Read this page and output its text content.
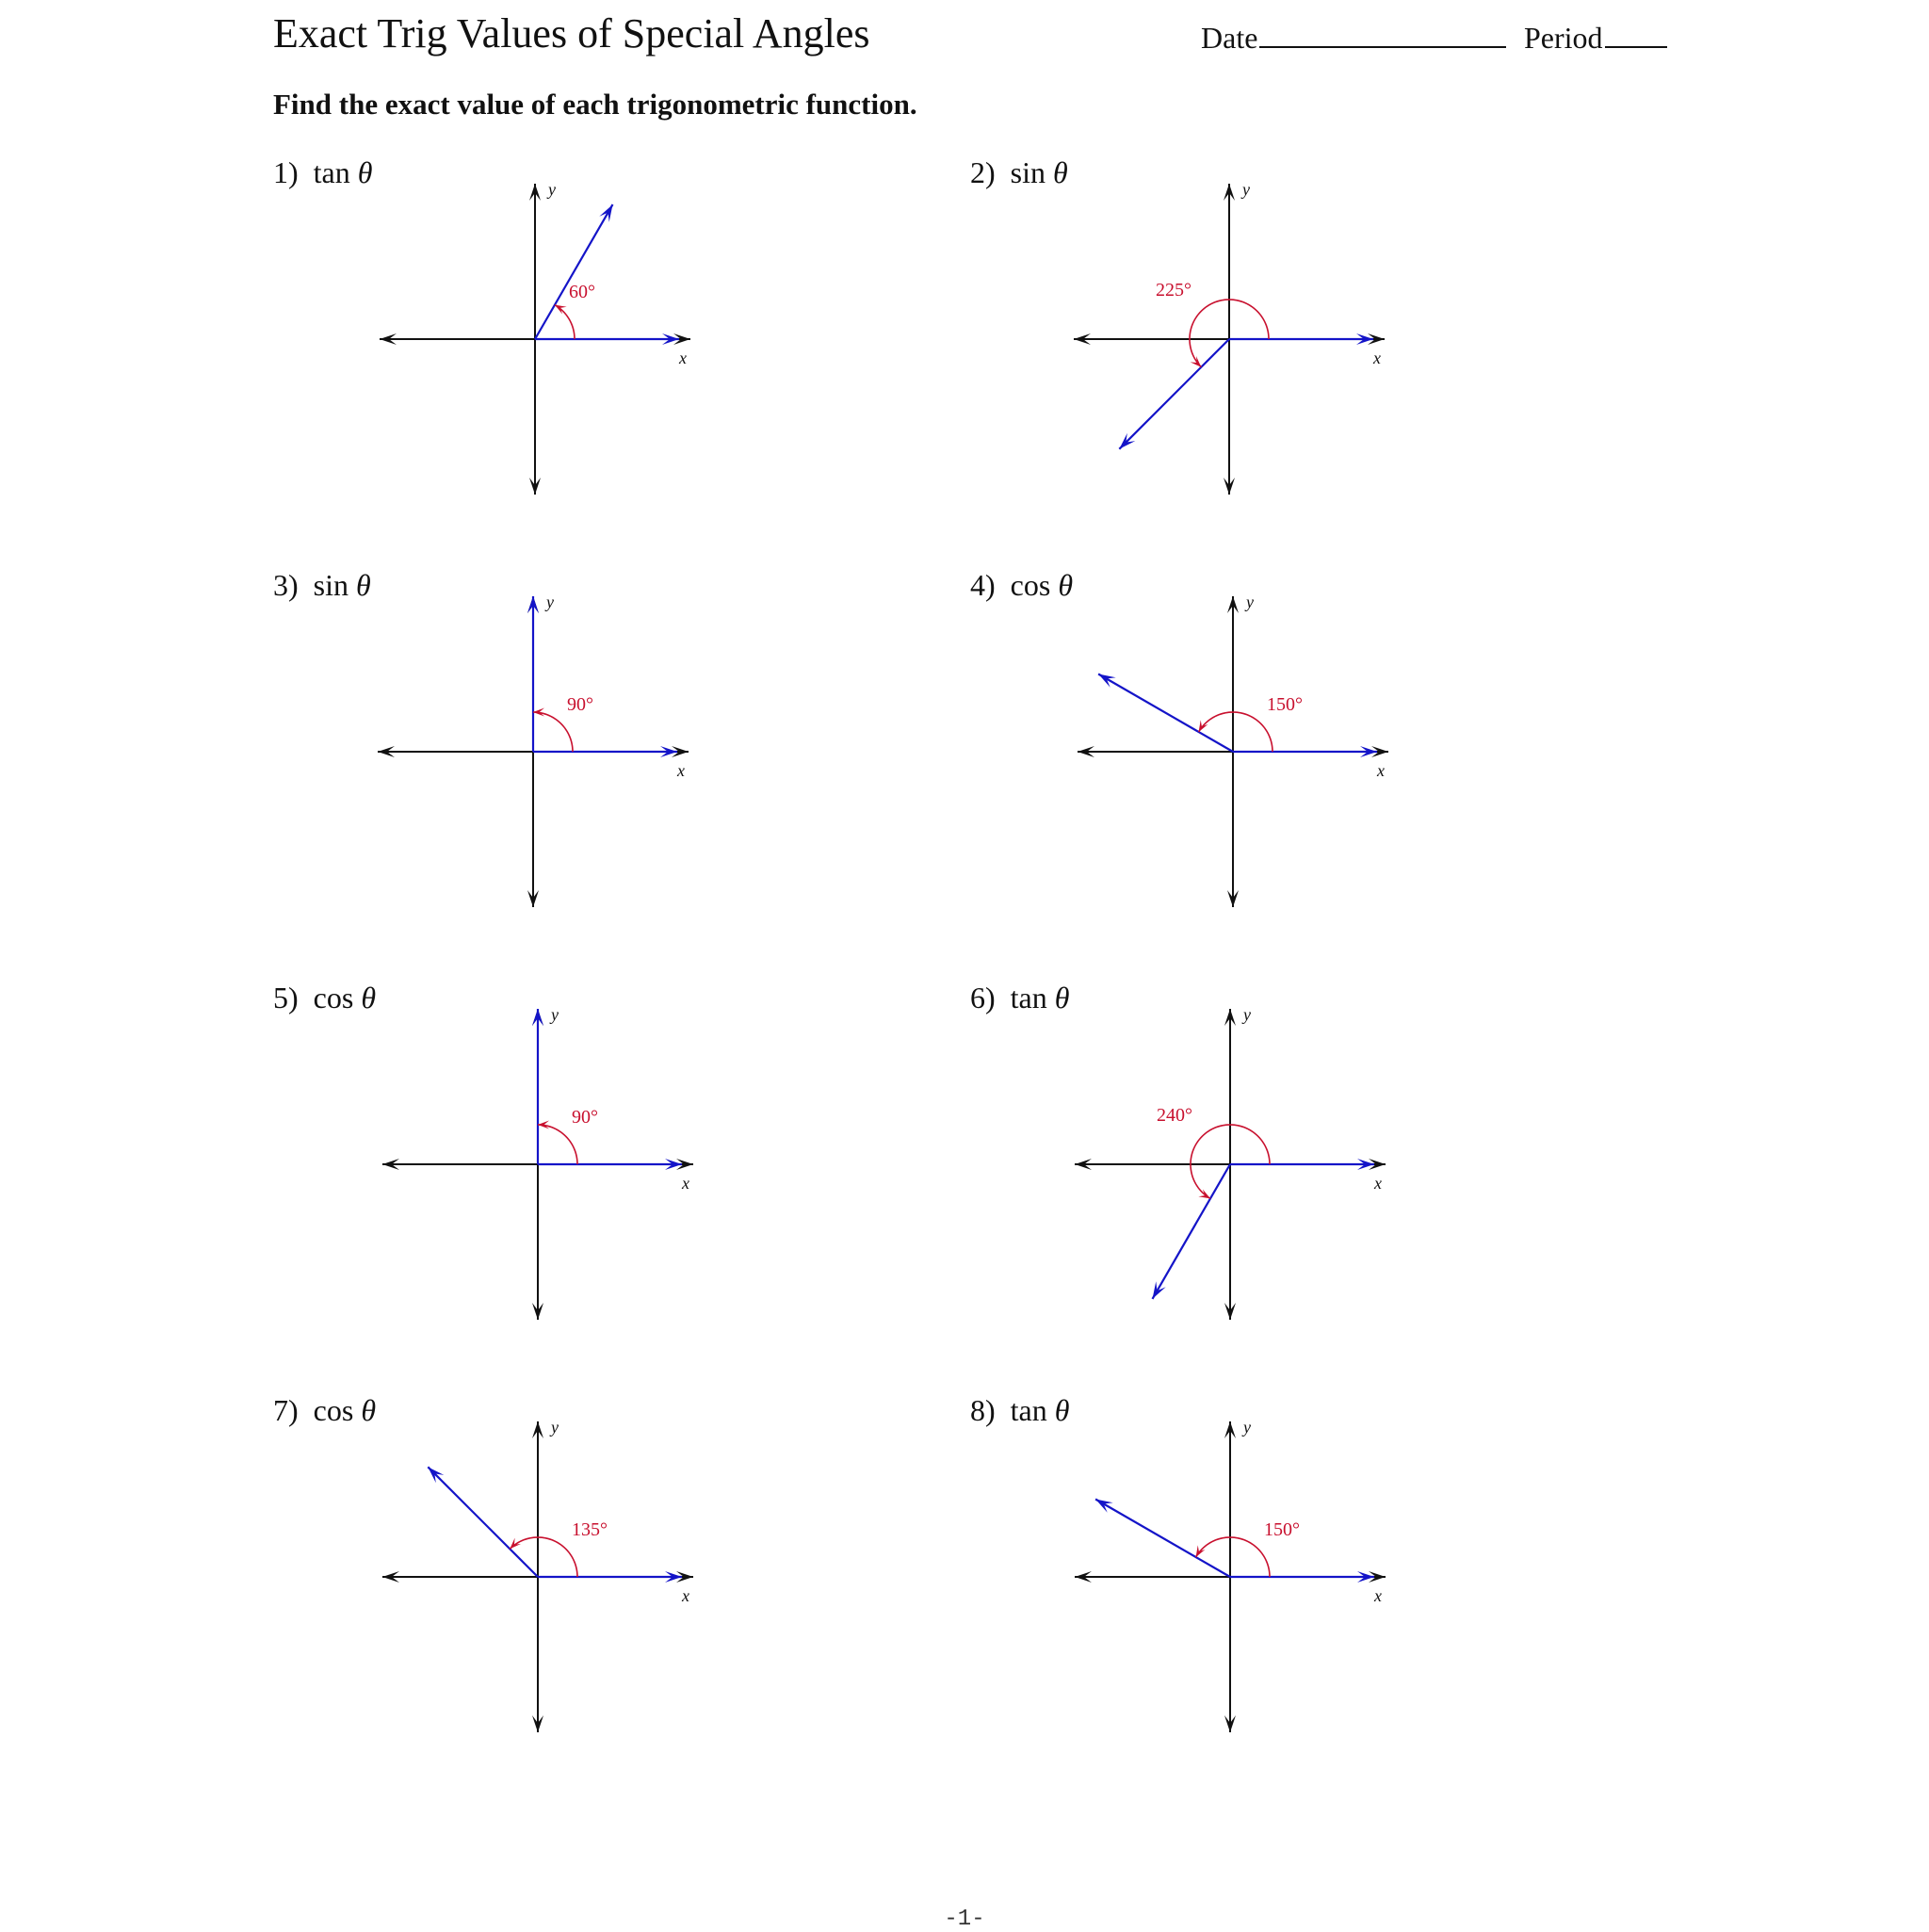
Exact Trig Values of Special Angles	Date	Period
Find the exact value of each trigonometric function.
1) tan θ
x
y
60°
2) sin θ
x
y
225°
3) sin θ
x
y
90°
4) cos θ
x
y
150°
5) cos θ
x
y
90°
6) tan θ
x
y
240°
7) cos θ
x
y
135°
8) tan θ
x
y
150°
-1-
